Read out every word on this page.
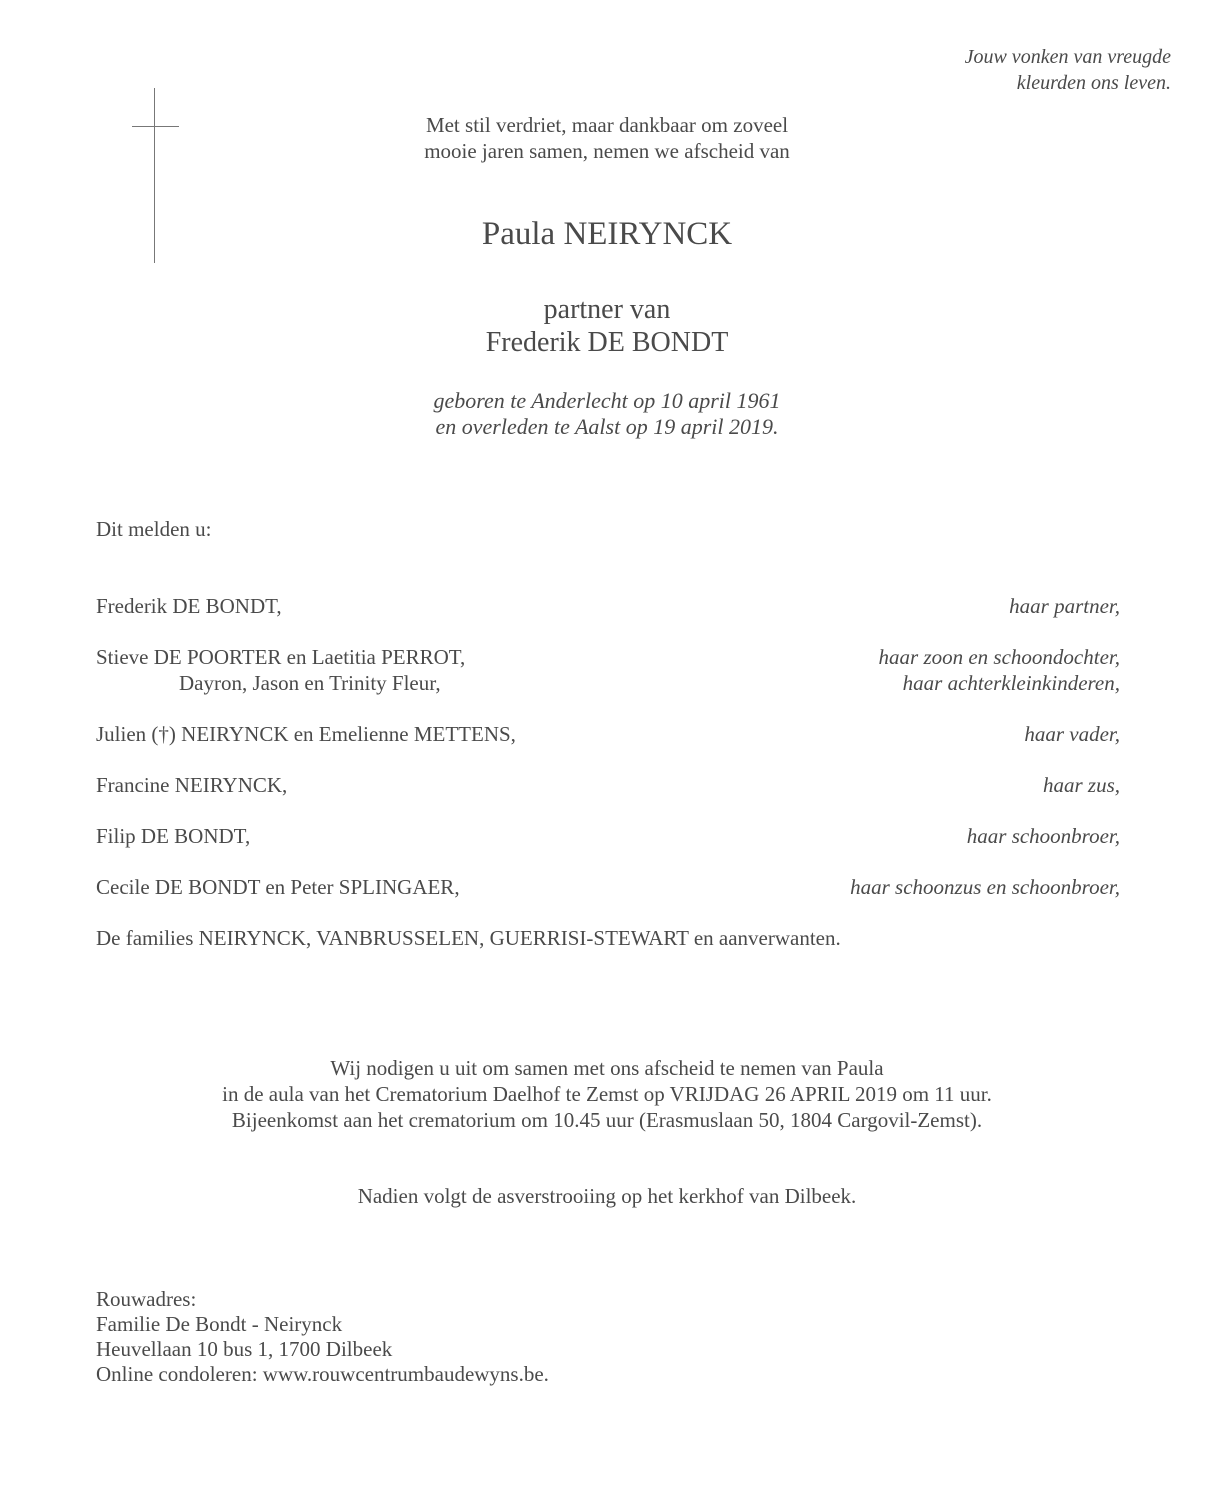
Jouw vonken van vreugde
kleurden ons leven.
Met stil verdriet, maar dankbaar om zoveel
mooie jaren samen, nemen we afscheid van
Paula NEIRYNCK
partner van
Frederik DE BONDT
geboren te Anderlecht op 10 april 1961
en overleden te Aalst op 19 april 2019.
Dit melden u:
Frederik DE BONDT,	haar partner,
Stieve DE POORTER en Laetitia PERROT,	haar zoon en schoondochter,
Dayron, Jason en Trinity Fleur,	haar achterkleinkinderen,
Julien (†) NEIRYNCK en Emelienne METTENS,	haar vader,
Francine NEIRYNCK,	haar zus,
Filip DE BONDT,	haar schoonbroer,
Cecile DE BONDT en Peter SPLINGAER,	haar schoonzus en schoonbroer,
De families NEIRYNCK, VANBRUSSELEN, GUERRISI-STEWART en aanverwanten.
Wij nodigen u uit om samen met ons afscheid te nemen van Paula
in de aula van het Crematorium Daelhof te Zemst op VRIJDAG 26 APRIL 2019 om 11 uur.
Bijeenkomst aan het crematorium om 10.45 uur (Erasmuslaan 50, 1804 Cargovil-Zemst).
Nadien volgt de asverstrooiing op het kerkhof van Dilbeek.
Rouwadres:
Familie De Bondt - Neirynck
Heuvellaan 10 bus 1, 1700 Dilbeek
Online condoleren: www.rouwcentrumbaudewyns.be.
